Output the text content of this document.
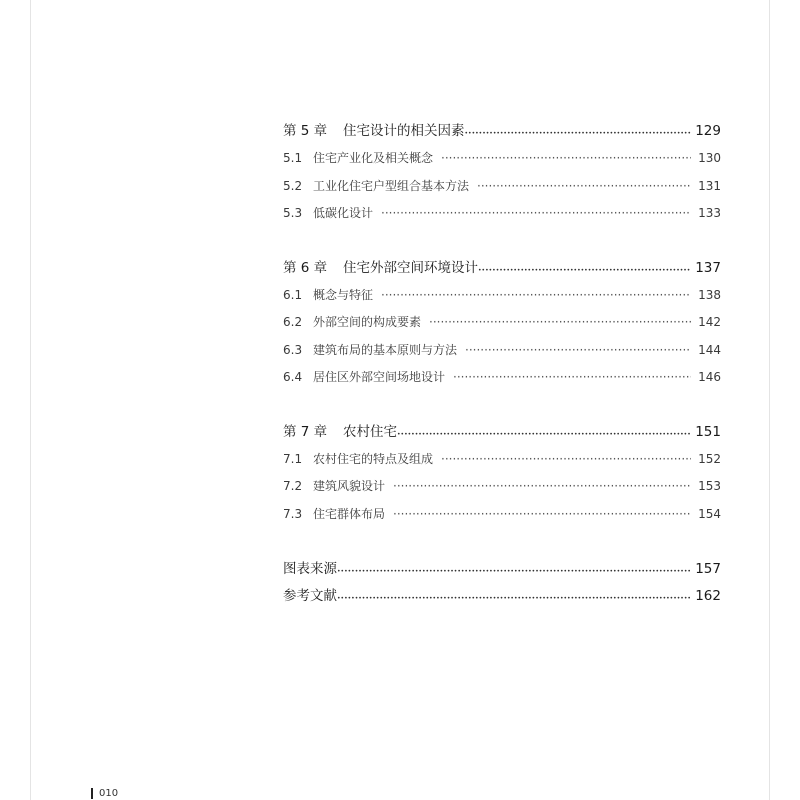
第 5 章	住宅设计的相关因素 •••••	129
5.1 住宅产业化及相关概念 ·····	130
5.2 工业化住宅户型组合基本方法 ·····	131
5.3 低碳化设计 ·····	133
第 6 章	住宅外部空间环境设计 •••••	137
6.1 概念与特征 ·····	138
6.2 外部空间的构成要素 ·····	142
6.3 建筑布局的基本原则与方法 ·····	144
6.4 居住区外部空间场地设计 ·····	146
第 7 章	农村住宅 •••••	151
7.1 农村住宅的特点及组成 ·····	152
7.2 建筑风貌设计 ·····	153
7.3 住宅群体布局 ·····	154
图表来源 •••••	157
参考文献 •••••	162
010
